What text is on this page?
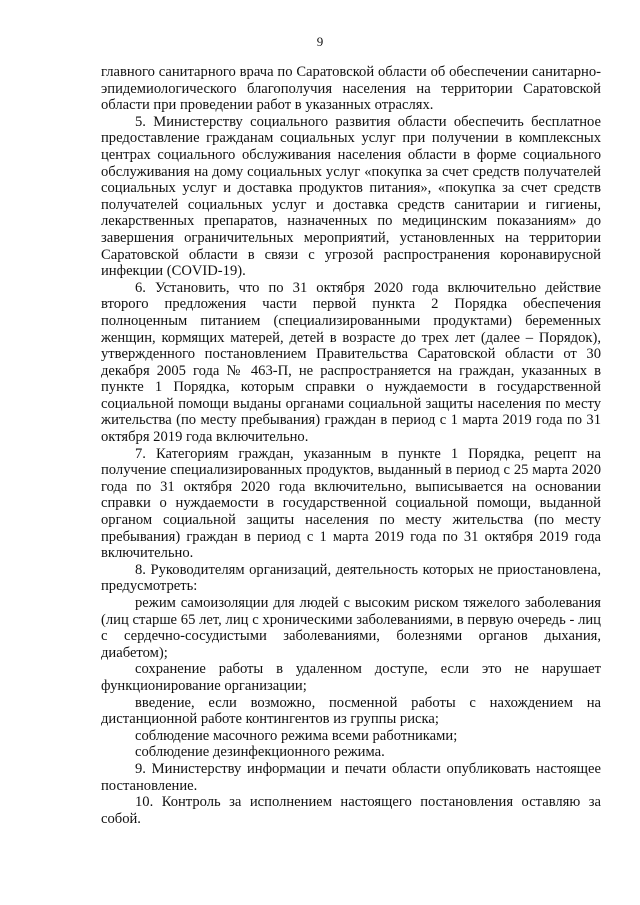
9

главного санитарного врача по Саратовской области об обеспечении санитарно-эпидемиологического благополучия населения на территории Саратовской области при проведении работ в указанных отраслях.

5. Министерству социального развития области обеспечить бесплатное предоставление гражданам социальных услуг при получении в комплексных центрах социального обслуживания населения области в форме социального обслуживания на дому социальных услуг «покупка за счет средств получателей социальных услуг и доставка продуктов питания», «покупка за счет средств получателей социальных услуг и доставка средств санитарии и гигиены, лекарственных препаратов, назначенных по медицинским показаниям» до завершения ограничительных мероприятий, установленных на территории Саратовской области в связи с угрозой распространения коронавирусной инфекции (COVID-19).

6. Установить, что по 31 октября 2020 года включительно действие второго предложения части первой пункта 2 Порядка обеспечения полноценным питанием (специализированными продуктами) беременных женщин, кормящих матерей, детей в возрасте до трех лет (далее – Порядок), утвержденного постановлением Правительства Саратовской области от 30 декабря 2005 года № 463-П, не распространяется на граждан, указанных в пункте 1 Порядка, которым справки о нуждаемости в государственной социальной помощи выданы органами социальной защиты населения по месту жительства (по месту пребывания) граждан в период с 1 марта 2019 года по 31 октября 2019 года включительно.

7. Категориям граждан, указанным в пункте 1 Порядка, рецепт на получение специализированных продуктов, выданный в период с 25 марта 2020 года по 31 октября 2020 года включительно, выписывается на основании справки о нуждаемости в государственной социальной помощи, выданной органом социальной защиты населения по месту жительства (по месту пребывания) граждан в период с 1 марта 2019 года по 31 октября 2019 года включительно.

8. Руководителям организаций, деятельность которых не приостановлена, предусмотреть:

режим самоизоляции для людей с высоким риском тяжелого заболевания (лиц старше 65 лет, лиц с хроническими заболеваниями, в первую очередь - лиц с сердечно-сосудистыми заболеваниями, болезнями органов дыхания, диабетом);

сохранение работы в удаленном доступе, если это не нарушает функционирование организации;

введение, если возможно, посменной работы с нахождением на дистанционной работе контингентов из группы риска;

соблюдение масочного режима всеми работниками;

соблюдение дезинфекционного режима.

9. Министерству информации и печати области опубликовать настоящее постановление.

10. Контроль за исполнением настоящего постановления оставляю за собой.
